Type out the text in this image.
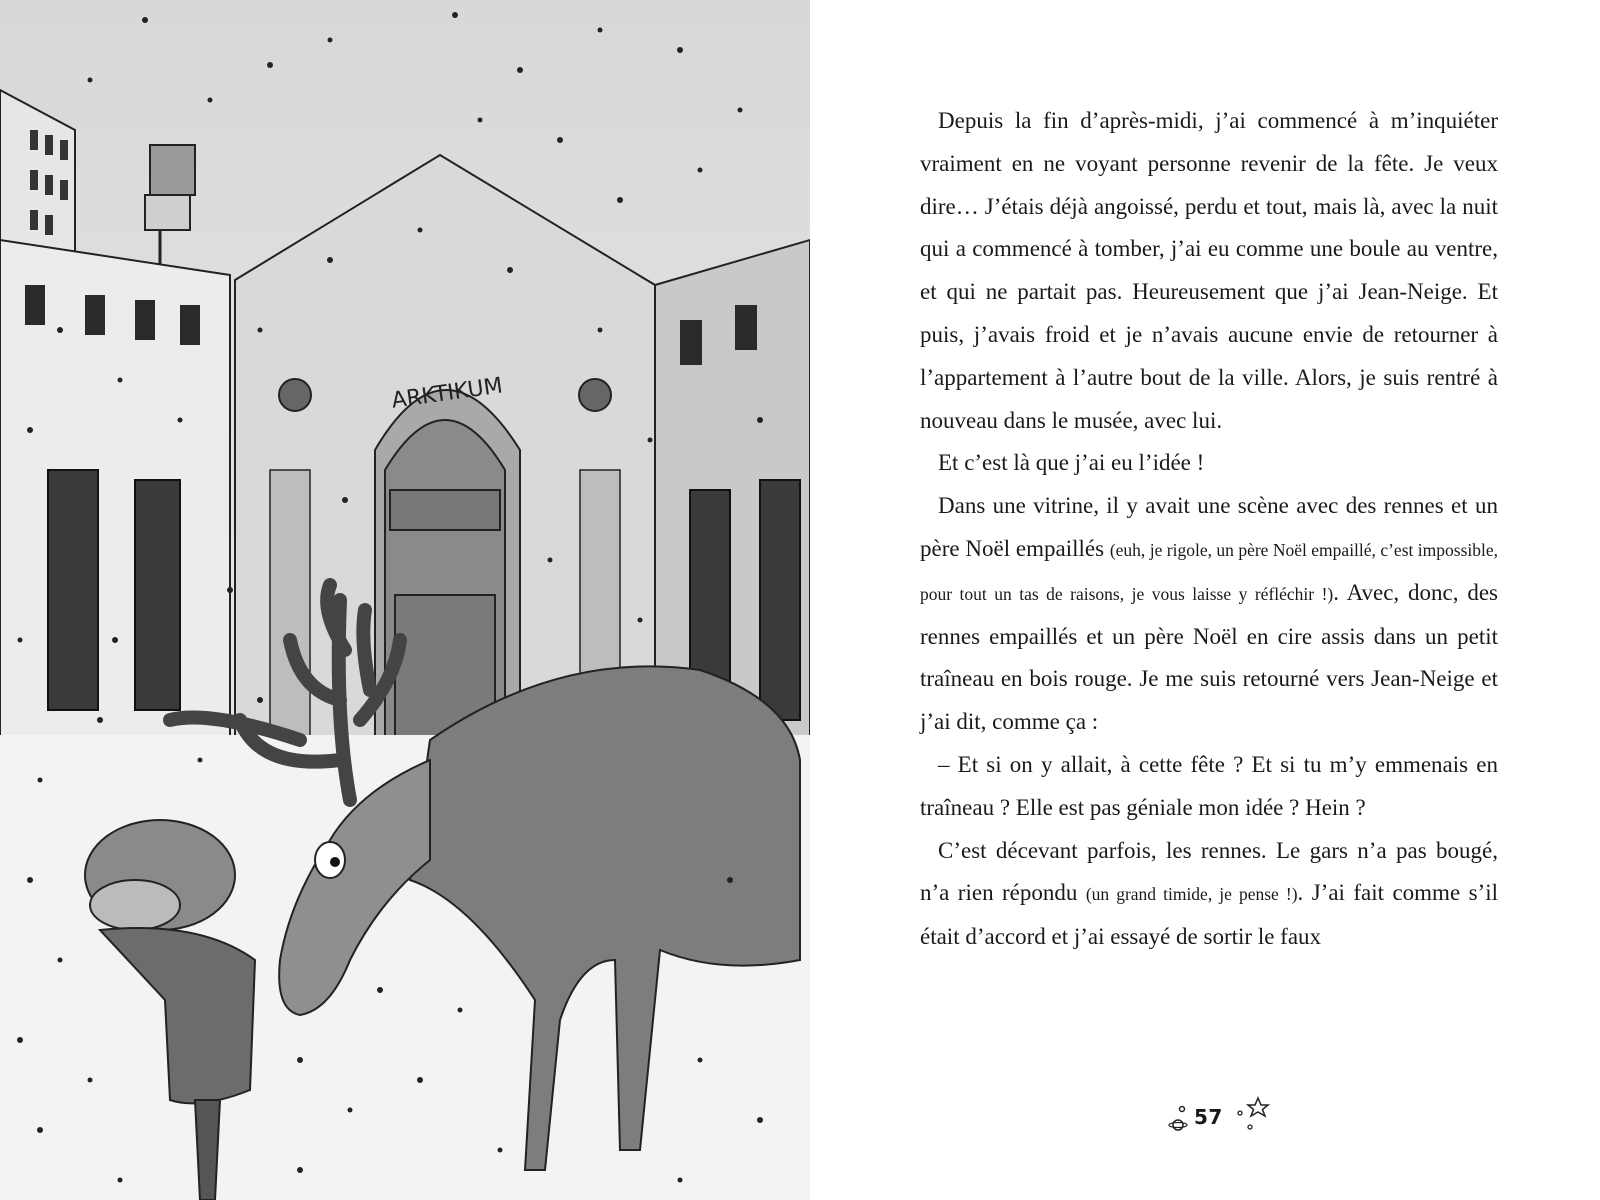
ARKTIKUM

Depuis la fin d’après-midi, j’ai commencé à m’inquiéter vraiment en ne voyant personne revenir de la fête. Je veux dire… J’étais déjà angoissé, perdu et tout, mais là, avec la nuit qui a commencé à tomber, j’ai eu comme une boule au ventre, et qui ne partait pas. Heureusement que j’ai Jean-Neige. Et puis, j’avais froid et je n’avais aucune envie de retourner à l’appartement à l’autre bout de la ville. Alors, je suis rentré à nouveau dans le musée, avec lui.

Et c’est là que j’ai eu l’idée !

Dans une vitrine, il y avait une scène avec des rennes et un père Noël empaillés (euh, je rigole, un père Noël empaillé, c’est impossible, pour tout un tas de raisons, je vous laisse y réfléchir !). Avec, donc, des rennes empaillés et un père Noël en cire assis dans un petit traîneau en bois rouge. Je me suis retourné vers Jean-Neige et j’ai dit, comme ça :

– Et si on y allait, à cette fête ? Et si tu m’y emmenais en traîneau ? Elle est pas géniale mon idée ? Hein ?

C’est décevant parfois, les rennes. Le gars n’a pas bougé, n’a rien répondu (un grand timide, je pense !). J’ai fait comme s’il était d’accord et j’ai essayé de sortir le faux

57
